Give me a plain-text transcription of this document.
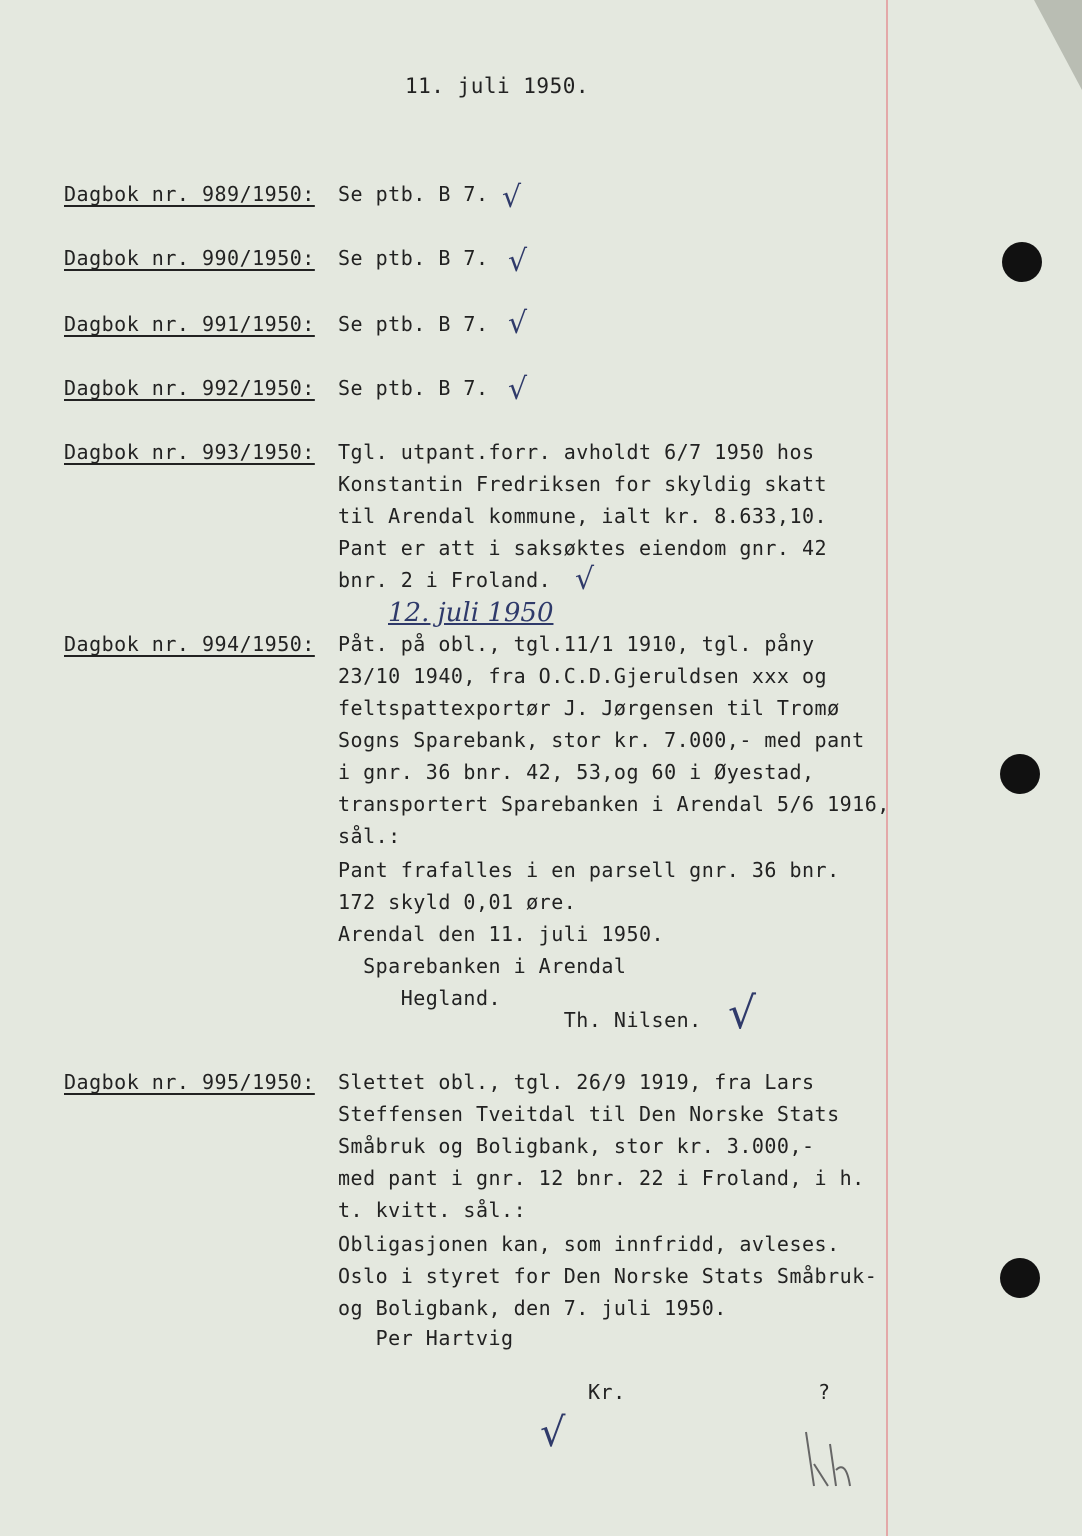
11. juli 1950.

Dagbok nr. 989/1950: Se ptb. B 7. √

Dagbok nr. 990/1950: Se ptb. B 7. √

Dagbok nr. 991/1950: Se ptb. B 7. √

Dagbok nr. 992/1950: Se ptb. B 7. √

Dagbok nr. 993/1950: Tgl. utpant.forr. avholdt 6/7 1950 hos

Konstantin Fredriksen for skyldig skatt

til Arendal kommune, ialt kr. 8.633,10.

Pant er att i saksøktes eiendom gnr. 42

bnr. 2 i Froland. √

12. juli 1950

Dagbok nr. 994/1950: Påt. på obl., tgl.11/1 1910, tgl. påny

23/10 1940, fra O.C.D.Gjeruldsen xxx og

feltspattexportør J. Jørgensen til Tromø

Sogns Sparebank, stor kr. 7.000,- med pant

i gnr. 36 bnr. 42, 53,og 60 i Øyestad,

transportert Sparebanken i Arendal 5/6 1916,

sål.:

Pant frafalles i en parsell gnr. 36 bnr.

172 skyld 0,01 øre.

Arendal den 11. juli 1950.

Sparebanken i Arendal

Hegland.

Th. Nilsen. √

Dagbok nr. 995/1950: Slettet obl., tgl. 26/9 1919, fra Lars

Steffensen Tveitdal til Den Norske Stats

Småbruk og Boligbank, stor kr. 3.000,-

med pant i gnr. 12 bnr. 22 i Froland, i h.

t. kvitt. sål.:

Obligasjonen kan, som innfridd, avleses.

Oslo i styret for Den Norske Stats Småbruk-

og Boligbank, den 7. juli 1950.

Per Hartvig

Kr.	?

√
